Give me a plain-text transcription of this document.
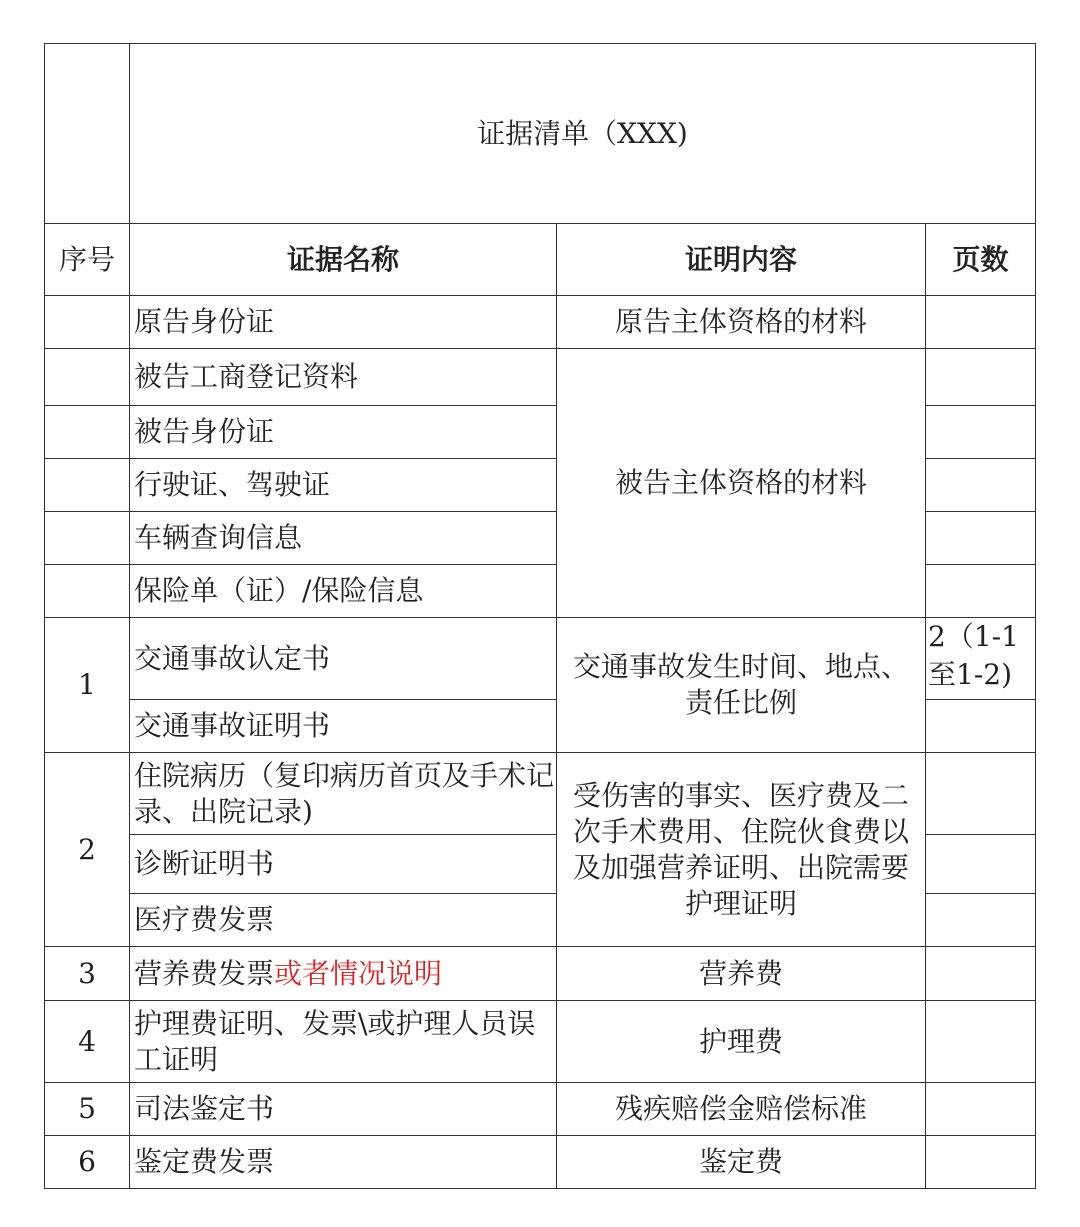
	证据清单（XXX)		
序号	证据名称	证明内容	页数
	原告身份证	原告主体资格的材料	
	被告工商登记资料	被告主体资格的材料	
	被告身份证		
	行驶证、驾驶证		
	车辆查询信息		
	保险单（证）/保险信息		
1	交通事故认定书	交通事故发生时间、地点、责任比例	2（1-1至1-2)
	交通事故证明书		
2	住院病历（复印病历首页及手术记录、出院记录)	受伤害的事实、医疗费及二次手术费用、住院伙食费以及加强营养证明、出院需要护理证明	
	诊断证明书		
	医疗费发票		
3	营养费发票或者情况说明	营养费	
4	护理费证明、发票\或护理人员误工证明	护理费	
5	司法鉴定书	残疾赔偿金赔偿标准	
6	鉴定费发票	鉴定费	
